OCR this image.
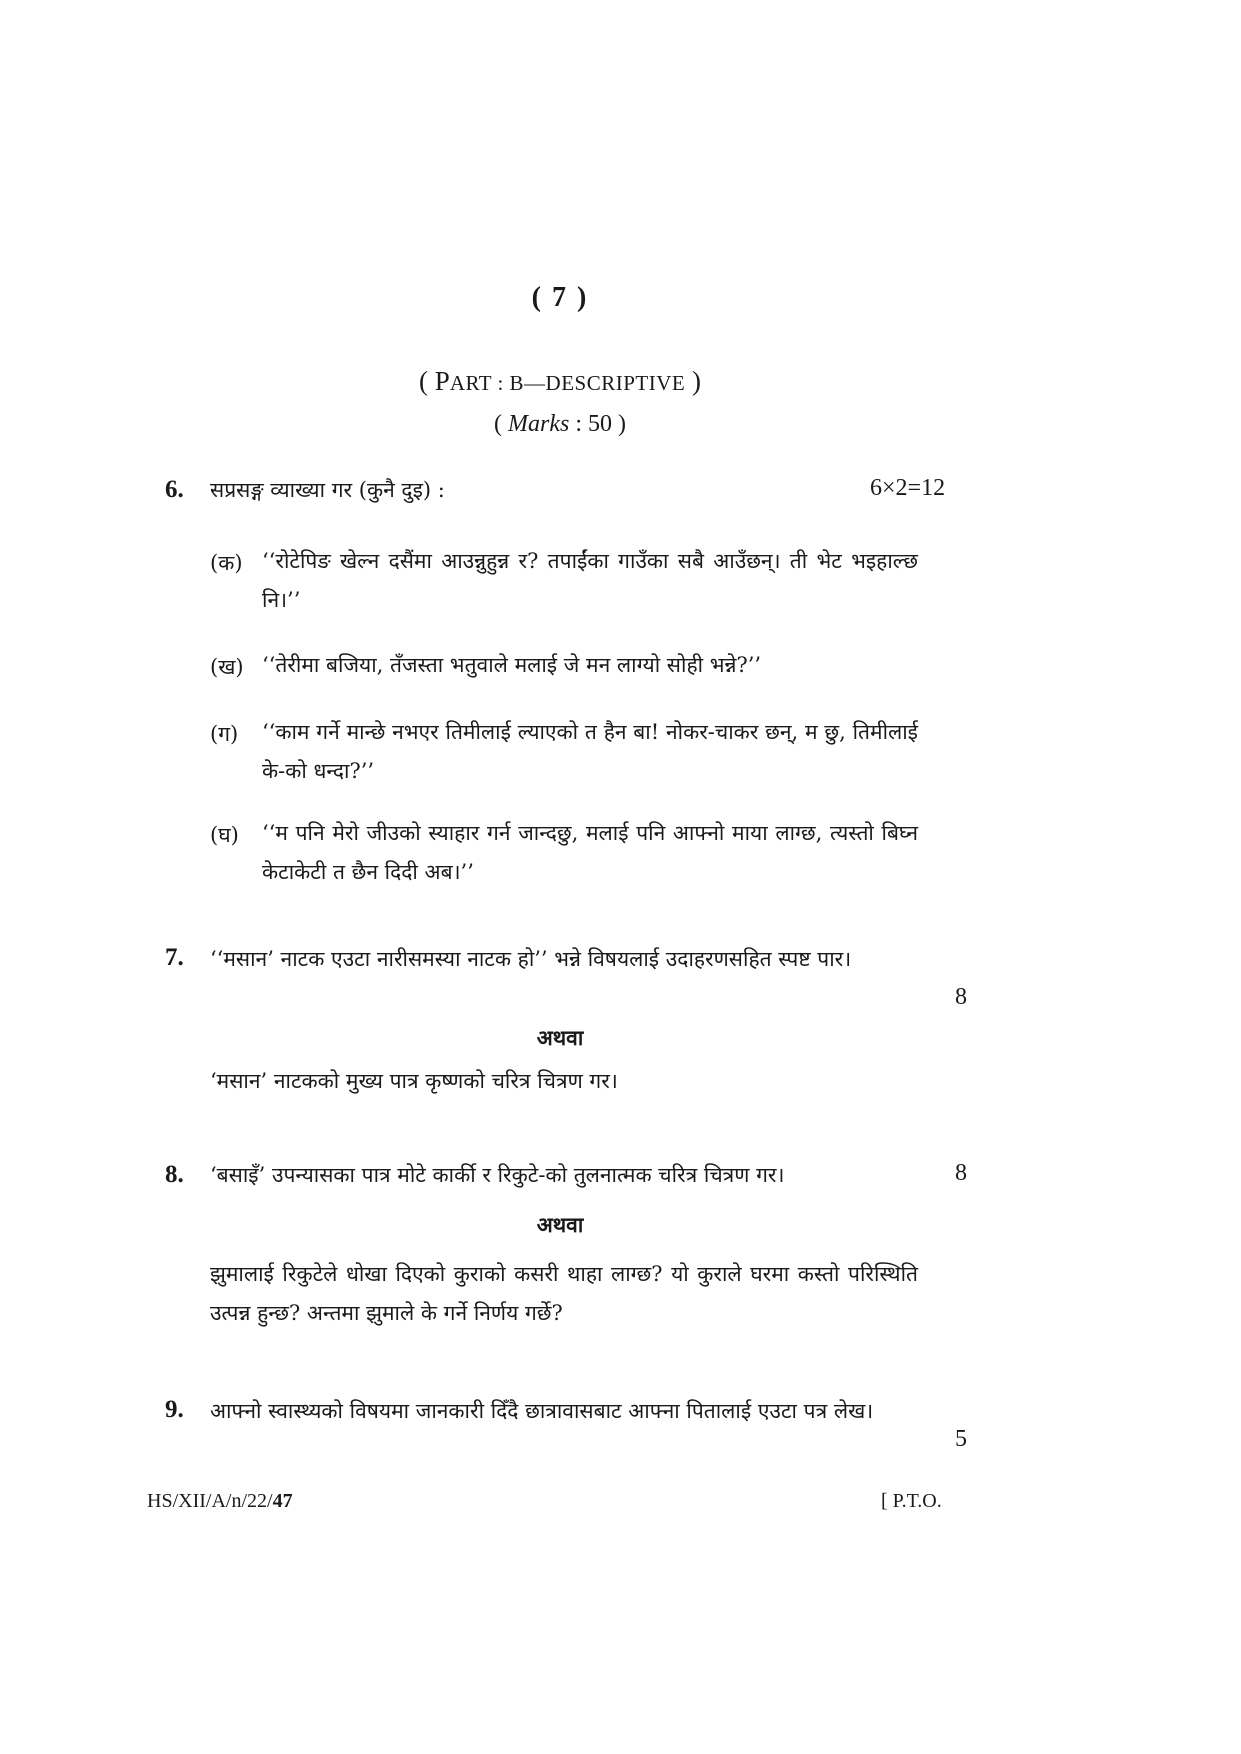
( 7 )
( PART : B—DESCRIPTIVE )
( Marks : 50 )
6. सप्रसङ्ग व्याख्या गर (कुनै दुइ) :	6×2=12
(क) ‘‘रोटेपिङ खेल्न दसैंमा आउन्नुहुन्न र? तपाईंका गाउँका सबै आउँछन्। ती भेट भइहाल्छ नि।’’
(ख) ‘‘तेरीमा बजिया, तँजस्ता भतुवाले मलाई जे मन लाग्यो सोही भन्ने?’’
(ग) ‘‘काम गर्ने मान्छे नभएर तिमीलाई ल्याएको त हैन बा! नोकर-चाकर छन्, म छु, तिमीलाई के-को धन्दा?’’
(घ) ‘‘म पनि मेरो जीउको स्याहार गर्न जान्दछु, मलाई पनि आफ्नो माया लाग्छ, त्यस्तो बिघ्न केटाकेटी त छैन दिदी अब।’’
7. ‘‘मसान’ नाटक एउटा नारीसमस्या नाटक हो’’ भन्ने विषयलाई उदाहरणसहित स्पष्ट पार।
8
अथवा
‘मसान’ नाटकको मुख्य पात्र कृष्णको चरित्र चित्रण गर।
8. ‘बसाइँ’ उपन्यासका पात्र मोटे कार्की र रिकुटे-को तुलनात्मक चरित्र चित्रण गर।	8
अथवा
झुमालाई रिकुटेले धोखा दिएको कुराको कसरी थाहा लाग्छ? यो कुराले घरमा कस्तो परिस्थिति उत्पन्न हुन्छ? अन्तमा झुमाले के गर्ने निर्णय गर्छे?
9. आफ्नो स्वास्थ्यको विषयमा जानकारी दिँदै छात्रावासबाट आफ्ना पितालाई एउटा पत्र लेख।
5
HS/XII/A/n/22/47	[ P.T.O.
